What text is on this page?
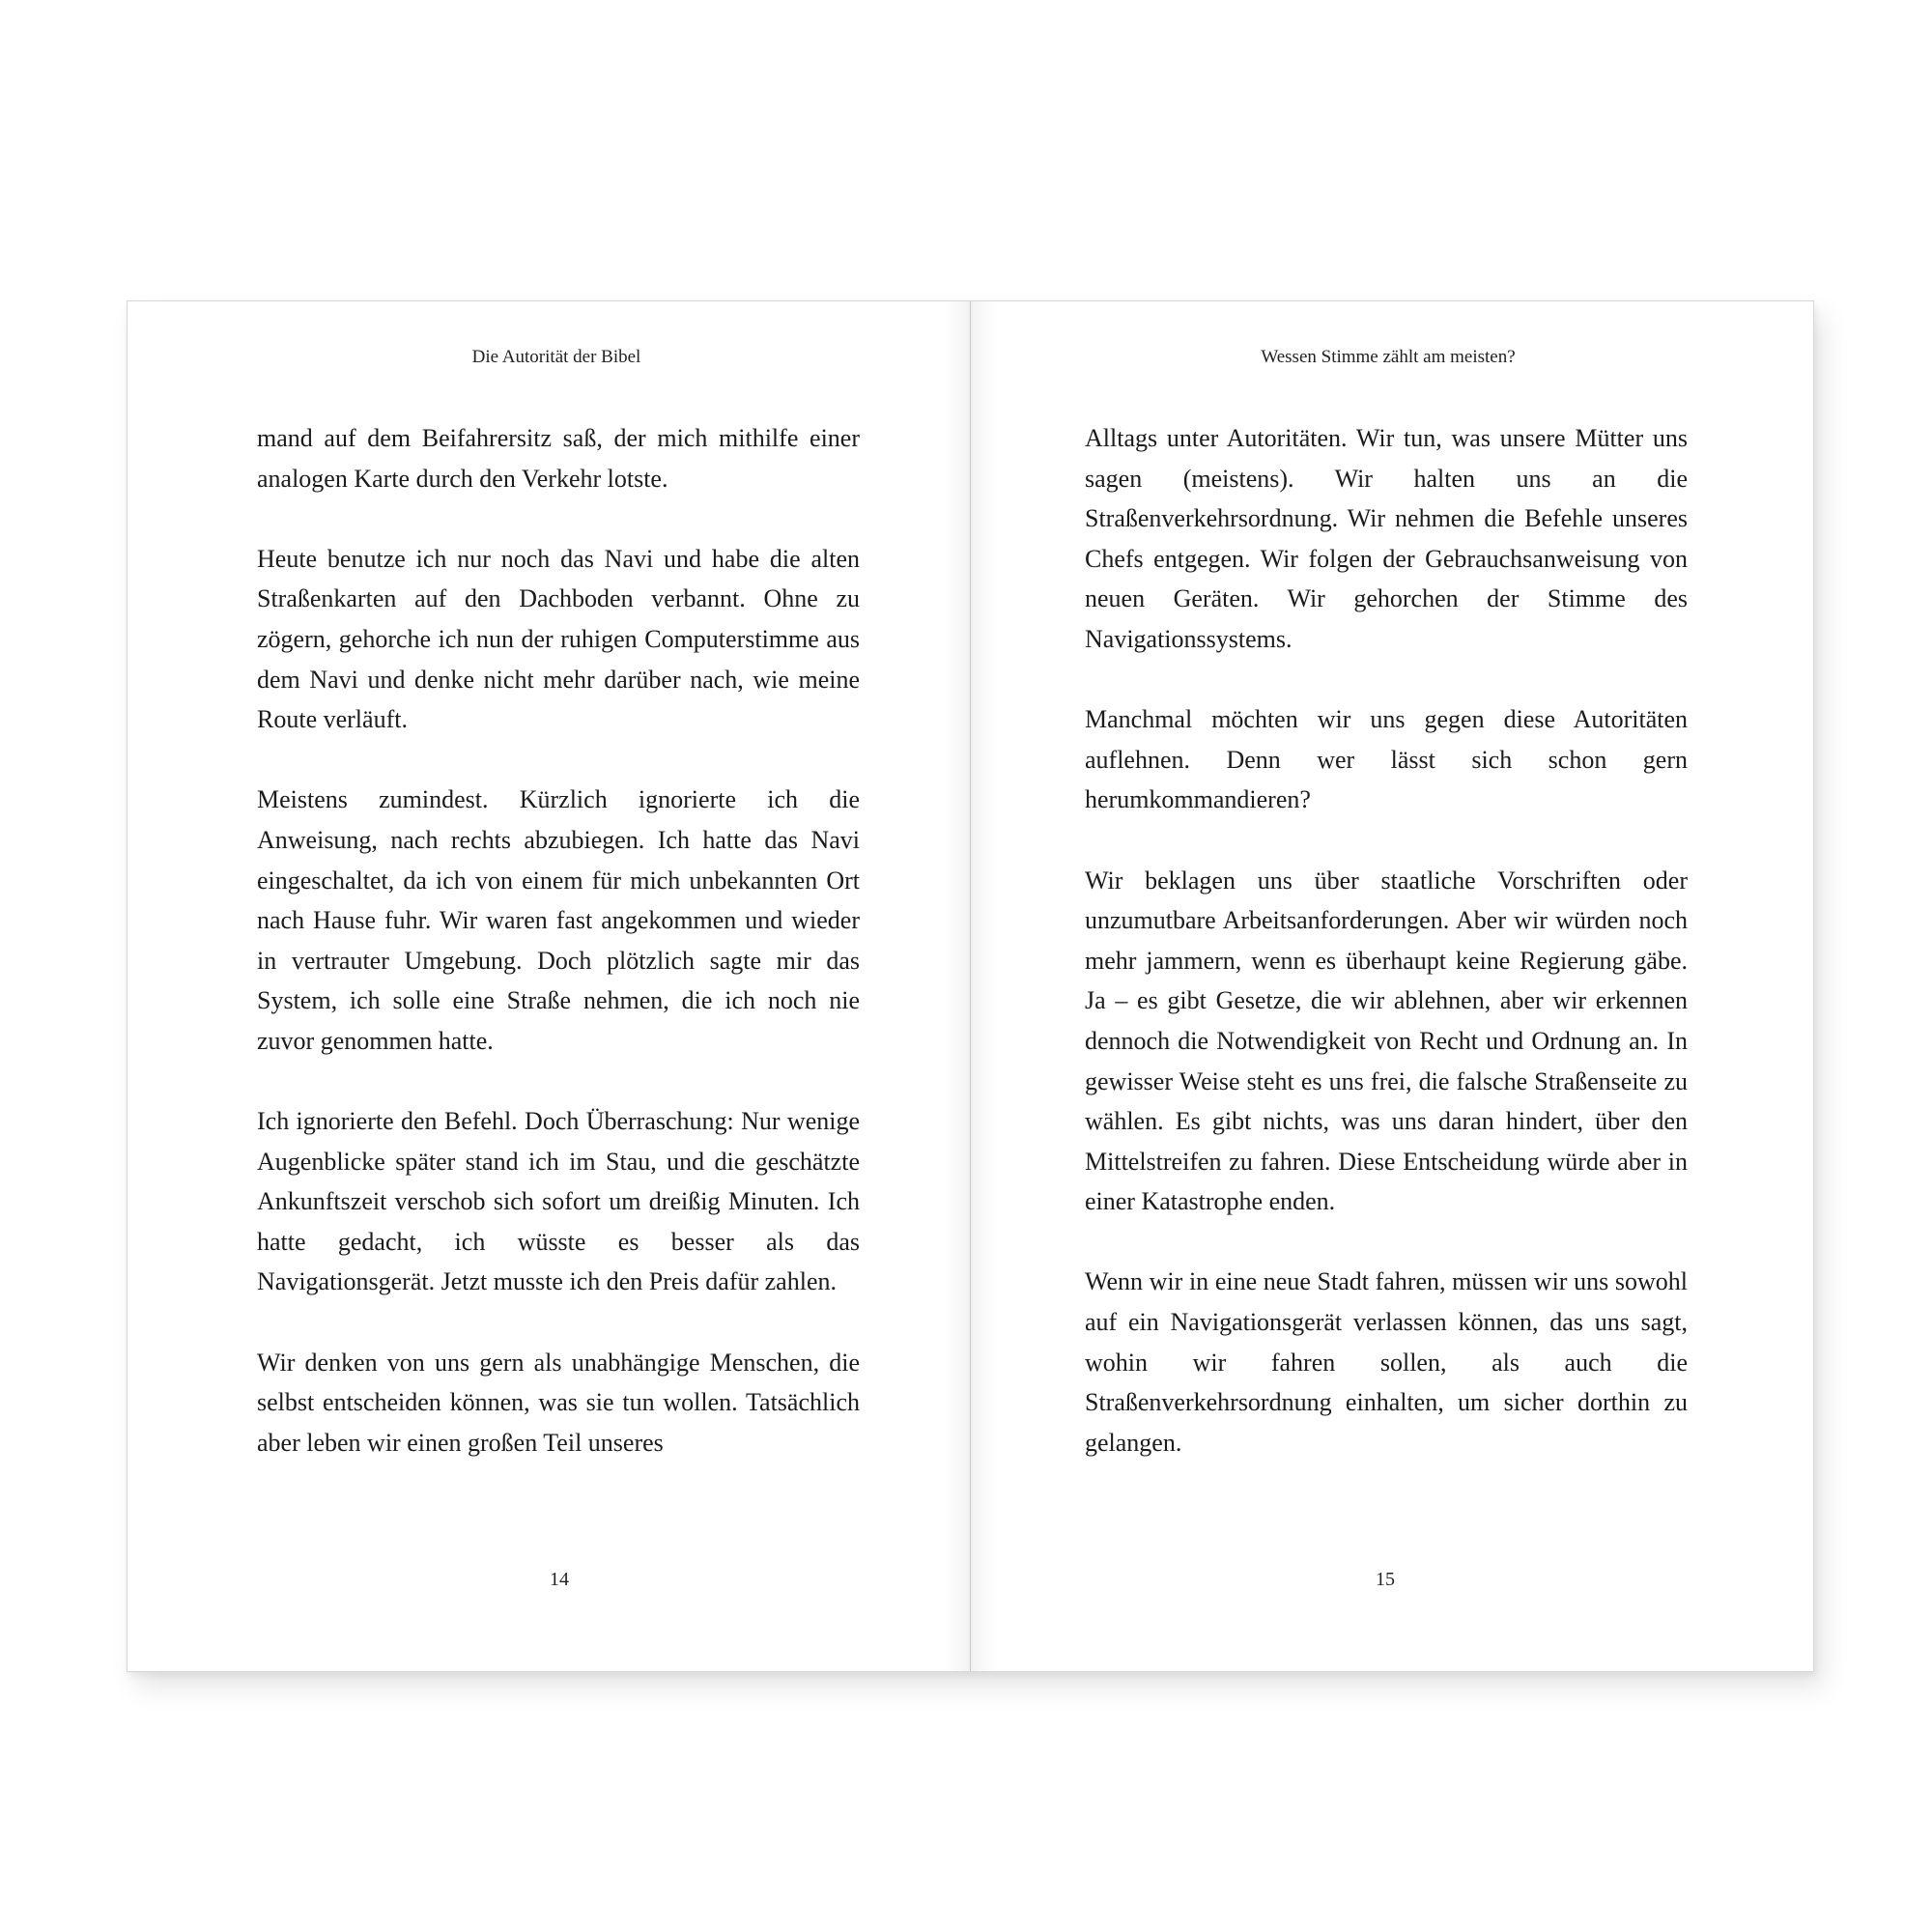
Die Autorität der Bibel

mand auf dem Beifahrersitz saß, der mich mithilfe einer analogen Karte durch den Verkehr lotste.

Heute benutze ich nur noch das Navi und habe die alten Straßenkarten auf den Dachboden verbannt. Ohne zu zögern, gehorche ich nun der ruhigen Computerstimme aus dem Navi und denke nicht mehr darüber nach, wie meine Route verläuft.

Meistens zumindest. Kürzlich ignorierte ich die Anweisung, nach rechts abzubiegen. Ich hatte das Navi eingeschaltet, da ich von einem für mich unbekannten Ort nach Hause fuhr. Wir waren fast angekommen und wieder in vertrauter Umgebung. Doch plötzlich sagte mir das System, ich solle eine Straße nehmen, die ich noch nie zuvor genommen hatte.

Ich ignorierte den Befehl. Doch Überraschung: Nur wenige Augenblicke später stand ich im Stau, und die geschätzte Ankunftszeit verschob sich sofort um dreißig Minuten. Ich hatte gedacht, ich wüsste es besser als das Navigationsgerät. Jetzt musste ich den Preis dafür zahlen.

Wir denken von uns gern als unabhängige Menschen, die selbst entscheiden können, was sie tun wollen. Tatsächlich aber leben wir einen großen Teil unseres

14
Wessen Stimme zählt am meisten?

Alltags unter Autoritäten. Wir tun, was unsere Mütter uns sagen (meistens). Wir halten uns an die Straßenverkehrsordnung. Wir nehmen die Befehle unseres Chefs entgegen. Wir folgen der Gebrauchsanweisung von neuen Geräten. Wir gehorchen der Stimme des Navigationssystems.

Manchmal möchten wir uns gegen diese Autoritäten auflehnen. Denn wer lässt sich schon gern herumkommandieren?

Wir beklagen uns über staatliche Vorschriften oder unzumutbare Arbeitsanforderungen. Aber wir würden noch mehr jammern, wenn es überhaupt keine Regierung gäbe. Ja – es gibt Gesetze, die wir ablehnen, aber wir erkennen dennoch die Notwendigkeit von Recht und Ordnung an. In gewisser Weise steht es uns frei, die falsche Straßenseite zu wählen. Es gibt nichts, was uns daran hindert, über den Mittelstreifen zu fahren. Diese Entscheidung würde aber in einer Katastrophe enden.

Wenn wir in eine neue Stadt fahren, müssen wir uns sowohl auf ein Navigationsgerät verlassen können, das uns sagt, wohin wir fahren sollen, als auch die Straßenverkehrsordnung einhalten, um sicher dorthin zu gelangen.

15
